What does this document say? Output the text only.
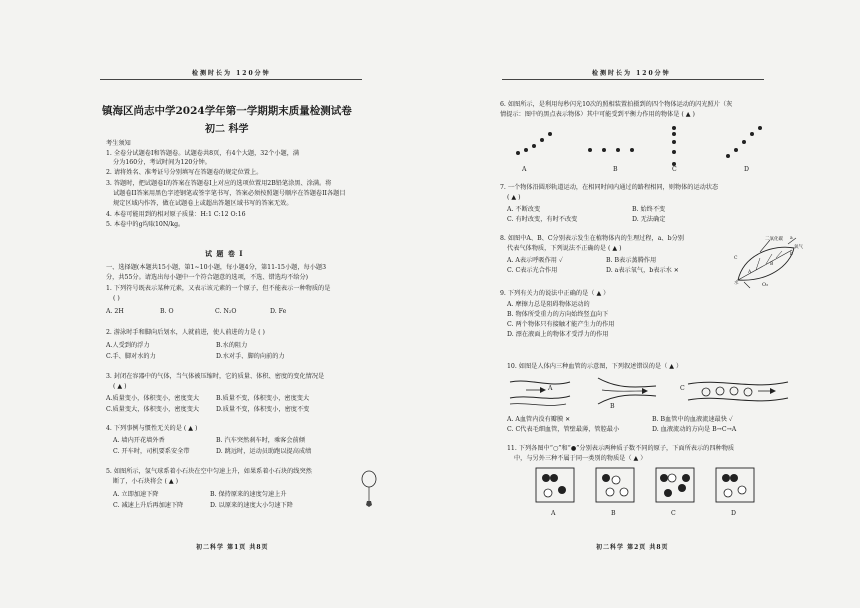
检测时长为 120分钟
镇海区尚志中学2024学年第一学期期末质量检测试卷
初二 科学
考生须知
1. 全卷分试题卷I和答题卷。试题卷共8页，有4个大题，32个小题，满
分为160分，考试时间为120分钟。
2. 请将姓名、准考证号分别填写在答题卷的规定位置上。
3. 答题时，把试题卷I的答案在答题卷I上对应的选项位置用2B铅笔涂黑、涂满。将
试题卷II答案用黑色字迹钢笔或签字笔书写，答案必须按照题号顺序在答题卷II各题目
规定区域内作答，做在试题卷上或超出答题区域书写的答案无效。
4. 本卷可能用到的相对原子质量：H:1 C:12 O:16
5. 本卷中的g均取10N/kg。
试 题 卷 I
一、选择题(本题共15小题，第1~10小题，每小题4分，第11-15小题，每小题3
分，共55分。请选出每小题中一个符合题意的选项，不选、错选均不给分)
1. 下列符号既表示某种元素，又表示该元素的一个原子，但不能表示一种物质的是
( )
A. 2H	B. O	C. N₂O	D. Fe
2. 游泳时手和脚向后划水，人就前进，使人前进的力是 ( )
A.人受到的浮力	B.水的阻力
C.手、脚对水的力	D.水对手、脚的向前的力
3. 封闭在容器中的气体，当气体被压缩时，它的质量、体积、密度的变化情况是
( ▲ )
A.质量变小，体积变小，密度变大	B.质量不变，体积变小，密度变大
C.质量变大，体积变小，密度变大	D.质量不变，体积变小，密度不变
4. 下列事例与惯性无关的是 ( ▲ )
A. 墙内开花墙外香	B. 汽车突然刹车时，乘客会前倾
C. 开车时，司机要系安全带	D. 跳远时，运动员助跑以提高成绩
5. 如图所示，氢气球系着小石块在空中匀速上升，如果系着小石块的线突然
断了，小石块将会 ( ▲ )
A. 立即加速下降	B. 保持原来的速度匀速上升
C. 减速上升后再加速下降	D. 以原来的速度大小匀速下降
初二科学 第1页 共8页
检测时长为 120分钟
6. 如图所示，是利用每秒闪光10次的照相装置拍摄到的四个物体运动的闪光照片（灰
情提示：图中的黑点表示物体）其中可能受到平衡力作用的物体是 ( ▲ )
A	B	C	D
7. 一个物体沿圆形轨道运动，在相同时间内通过的路程相同，则物体的运动状态
( ▲ )
A. 不断改变	B. 始终不变
C. 有时改变，有时不改变	D. 无法确定
8. 如图中A、B、C分别表示发生在植物体内的生理过程，a、b分别
代表气体物质，下列说法不正确的是 ( ▲ )
A. A表示呼吸作用 ✓	B. B表示蒸腾作用
C. C表示光合作用	D. a表示氧气，b表示水 ✕
二氧化碳
氧气
a
b
C
A
B
水	O₂
9. 下列有关力的说法中正确的是（ ▲ ）
A. 摩擦力总是阻碍物体运动的
B. 物体所受重力的方向始终竖直向下
C. 两个物体只有接触才能产生力的作用
D. 漂在液面上的物体才受浮力的作用
10. 如图是人体内三种血管的示意图，下列叙述错误的是（ ▲ ）
A
B
C
A. A血管内没有瓣膜 ✕	B. B血管中的血液流速最快 ✓
C. C代表毛细血管，管壁最薄，管腔最小	D. 血液流动的方向是 B→C→A
11. 下列各图中“○”和“●”分别表示两种质子数不同的原子，下面所表示的四种物质
中，与另外三种不属于同一类别的物质是（ ▲ ）
A	B	C	D
初二科学 第2页 共8页
